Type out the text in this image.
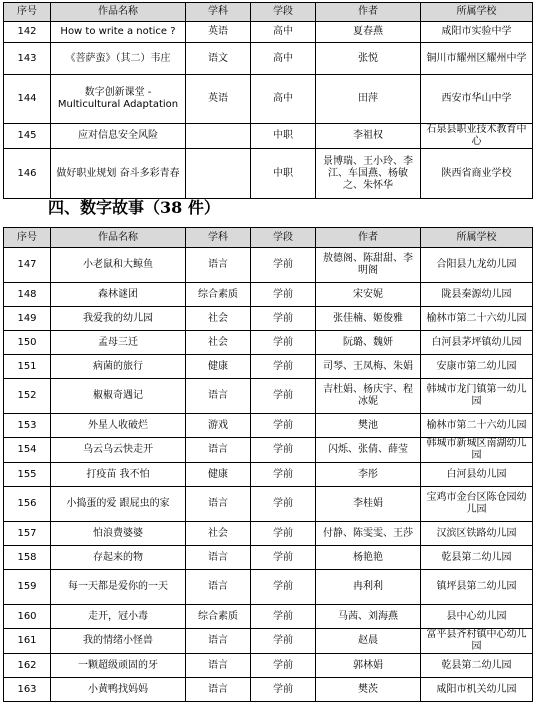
序号	作品名称	学科	学段	作者	所属学校
142	How to write a notice ?	英语	高中	夏春燕	咸阳市实验中学
143	《菩萨蛮》（其二）韦庄	语文	高中	张悦	铜川市耀州区耀州中学
144	数字创新课堂 -Multicultural Adaptation	英语	高中	田萍	西安市华山中学
145	应对信息安全风险		中职	李祖权	石泉县职业技术教育中心
146	做好职业规划 奋斗多彩青春		中职	景博瑞、王小玲、李江、车国燕、杨敏之、朱怀华	陕西省商业学校
四、数字故事（38 件）
序号	作品名称	学科	学段	作者	所属学校
147	小老鼠和大鲸鱼	语言	学前	敖德阁、陈甜甜、李明阁	合阳县九龙幼儿园
148	森林谜团	综合素质	学前	宋安妮	陇县秦源幼儿园
149	我爱我的幼儿园	社会	学前	张佳楠、姬俊雅	榆林市第二十六幼儿园
150	孟母三迁	社会	学前	阮璐、魏妍	白河县茅坪镇幼儿园
151	病菌的旅行	健康	学前	司琴、王凤梅、朱娟	安康市第二幼儿园
152	椒椒奇遇记	语言	学前	吉杜娟、杨庆宇、程冰妮	韩城市龙门镇第一幼儿园
153	外星人收破烂	游戏	学前	樊池	榆林市第二十六幼儿园
154	乌云乌云快走开	语言	学前	闪烁、张倩、薛莹	韩城市新城区南湖幼儿园
155	打疫苗 我不怕	健康	学前	李彤	白河县幼儿园
156	小捣蛋的爱 跟屁虫的家	语言	学前	李桂娟	宝鸡市金台区陈仓园幼儿园
157	怕浪费婆婆	社会	学前	付静、陈雯雯、王莎	汉滨区铁路幼儿园
158	存起来的物	语言	学前	杨艳艳	乾县第二幼儿园
159	每一天都是爱你的一天	语言	学前	冉利利	镇坪县第二幼儿园
160	走开，冠小毒	综合素质	学前	马茜、刘海燕	县中心幼儿园
161	我的情绪小怪兽	语言	学前	赵晨	富平县齐村镇中心幼儿园
162	一颗超级顽固的牙	语言	学前	郭林娟	乾县第二幼儿园
163	小黄鸭找妈妈	语言	学前	樊茨	咸阳市机关幼儿园
